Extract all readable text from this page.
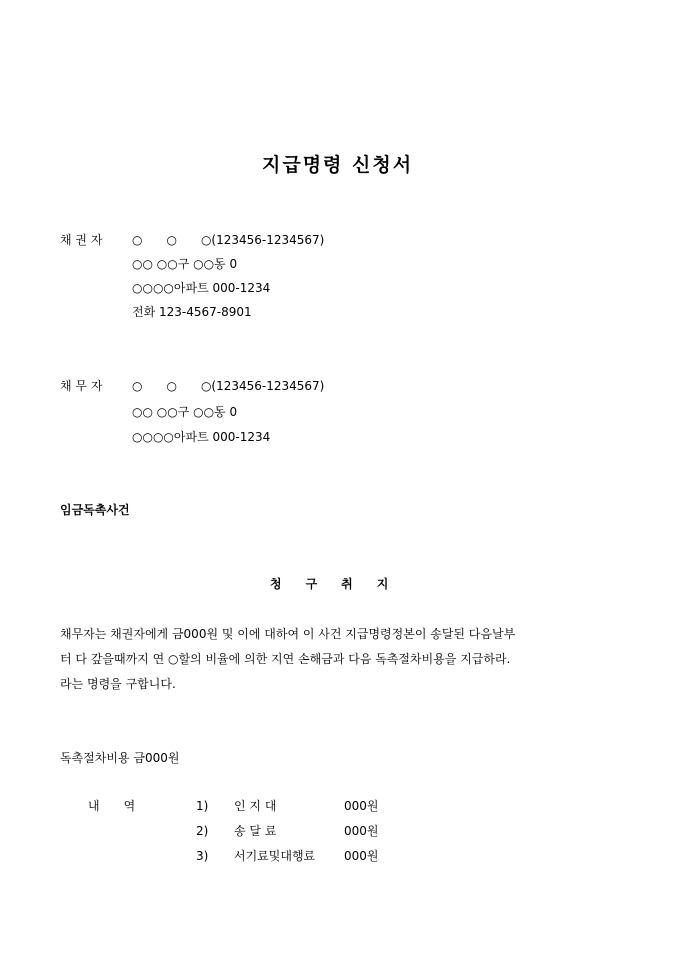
지급명령 신청서
채 권 자 ○　　○　　○(123456-1234567)
○○ ○○구 ○○동 0
○○○○아파트 000-1234
전화 123-4567-8901
채 무 자 ○　　○　　○(123456-1234567)
○○ ○○구 ○○동 0
○○○○아파트 000-1234
임금독촉사건
청　　구　　취　　지
채무자는 채권자에게 금000원 및 이에 대하여 이 사건 지급명령정본이 송달된 다음날부
터 다 갚을때까지 연 ○할의 비율에 의한 지연 손해금과 다음 독촉절차비용을 지급하라.
라는 명령을 구합니다.
독촉절차비용 금000원
내　　역	1) 인 지 대	000원
2) 송 달 료	000원
3) 서기료및대행료 000원
